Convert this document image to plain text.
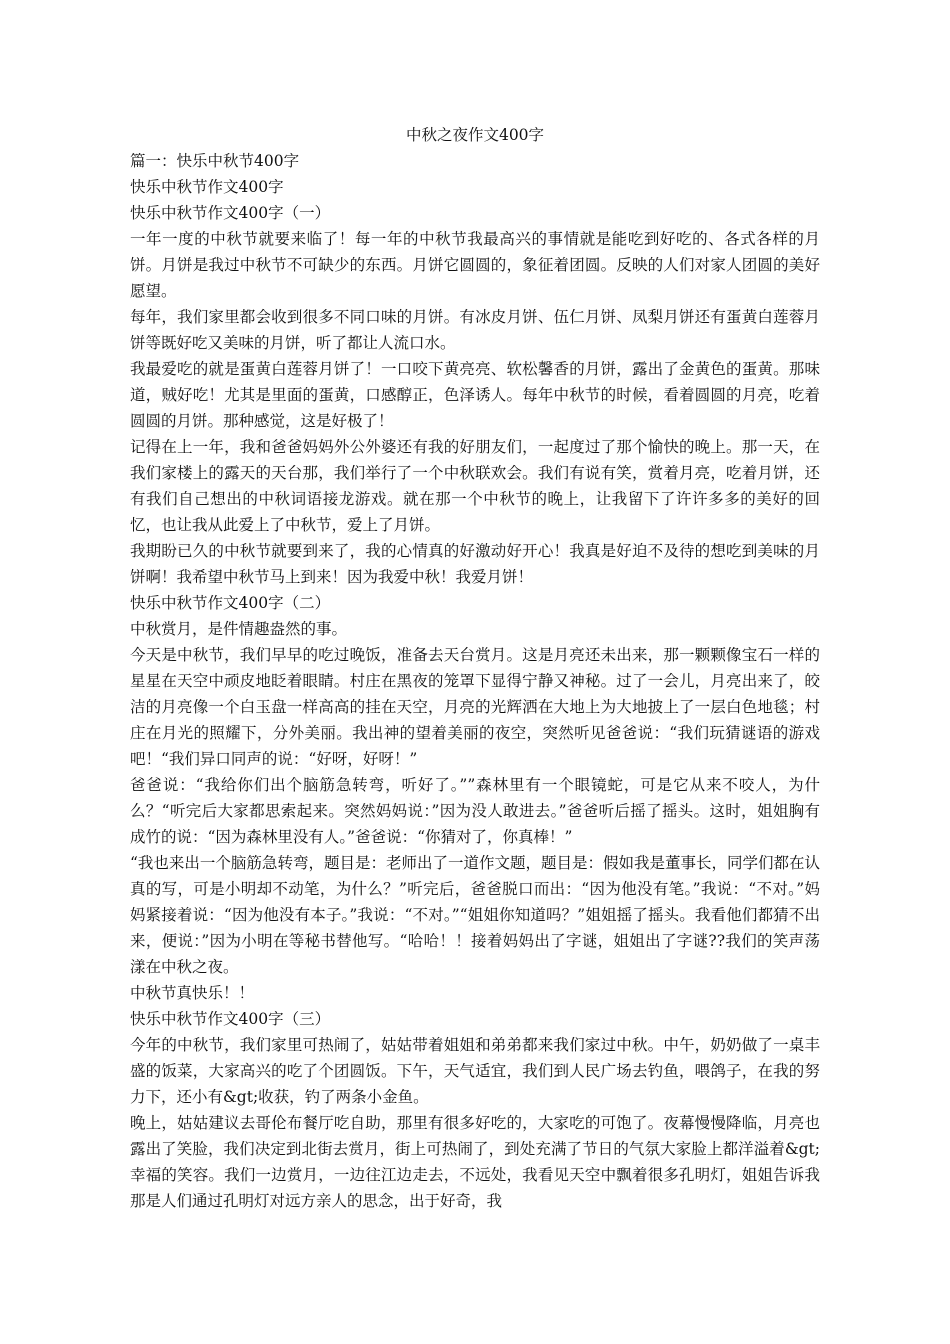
中秋之夜作文400字
篇一：快乐中秋节400字
快乐中秋节作文400字
快乐中秋节作文400字（一）

一年一度的中秋节就要来临了！每一年的中秋节我最高兴的事情就是能吃到好吃的、各式各样的月饼。月饼是我过中秋节不可缺少的东西。月饼它圆圆的，象征着团圆。反映的人们对家人团圆的美好愿望。

每年，我们家里都会收到很多不同口味的月饼。有冰皮月饼、伍仁月饼、凤梨月饼还有蛋黄白莲蓉月饼等既好吃又美味的月饼，听了都让人流口水。

我最爱吃的就是蛋黄白莲蓉月饼了！一口咬下黄亮亮、软松馨香的月饼，露出了金黄色的蛋黄。那味道，贼好吃！尤其是里面的蛋黄，口感醇正，色泽诱人。每年中秋节的时候，看着圆圆的月亮，吃着圆圆的月饼。那种感觉，这是好极了！

记得在上一年，我和爸爸妈妈外公外婆还有我的好朋友们，一起度过了那个愉快的晚上。那一天，在我们家楼上的露天的天台那，我们举行了一个中秋联欢会。我们有说有笑，赏着月亮，吃着月饼，还有我们自己想出的中秋词语接龙游戏。就在那一个中秋节的晚上，让我留下了许许多多的美好的回忆，也让我从此爱上了中秋节，爱上了月饼。

我期盼已久的中秋节就要到来了，我的心情真的好激动好开心！我真是好迫不及待的想吃到美味的月饼啊！我希望中秋节马上到来！因为我爱中秋！我爱月饼！

快乐中秋节作文400字（二）

中秋赏月，是件情趣盎然的事。

今天是中秋节，我们早早的吃过晚饭，准备去天台赏月。这是月亮还未出来，那一颗颗像宝石一样的星星在天空中顽皮地眨着眼睛。村庄在黑夜的笼罩下显得宁静又神秘。过了一会儿，月亮出来了，皎洁的月亮像一个白玉盘一样高高的挂在天空，月亮的光辉洒在大地上为大地披上了一层白色地毯；村庄在月光的照耀下，分外美丽。我出神的望着美丽的夜空，突然听见爸爸说：“我们玩猜谜语的游戏吧！“我们异口同声的说：“好呀，好呀！”

爸爸说：“我给你们出个脑筋急转弯，听好了。””森林里有一个眼镜蛇，可是它从来不咬人，为什么？“听完后大家都思索起来。突然妈妈说：”因为没人敢进去。”爸爸听后摇了摇头。这时，姐姐胸有成竹的说：“因为森林里没有人。”爸爸说：“你猜对了，你真棒！”

“我也来出一个脑筋急转弯，题目是：老师出了一道作文题，题目是：假如我是董事长，同学们都在认真的写，可是小明却不动笔，为什么？”听完后，爸爸脱口而出：“因为他没有笔。”我说：“不对。”妈妈紧接着说：“因为他没有本子。”我说：“不对。”“姐姐你知道吗？”姐姐摇了摇头。我看他们都猜不出来，便说：”因为小明在等秘书替他写。“哈哈！！接着妈妈出了字谜，姐姐出了字谜??我们的笑声荡漾在中秋之夜。

中秋节真快乐！！

快乐中秋节作文400字（三）

今年的中秋节，我们家里可热闹了，姑姑带着姐姐和弟弟都来我们家过中秋。中午，奶奶做了一桌丰盛的饭菜，大家高兴的吃了个团圆饭。下午，天气适宜，我们到人民广场去钓鱼，喂鸽子，在我的努力下，还小有&gt;收获，钓了两条小金鱼。

晚上，姑姑建议去哥伦布餐厅吃自助，那里有很多好吃的，大家吃的可饱了。夜幕慢慢降临，月亮也露出了笑脸，我们决定到北街去赏月，街上可热闹了，到处充满了节日的气氛大家脸上都洋溢着&gt;幸福的笑容。我们一边赏月，一边往江边走去，不远处，我看见天空中飘着很多孔明灯，姐姐告诉我那是人们通过孔明灯对远方亲人的思念，出于好奇，我
